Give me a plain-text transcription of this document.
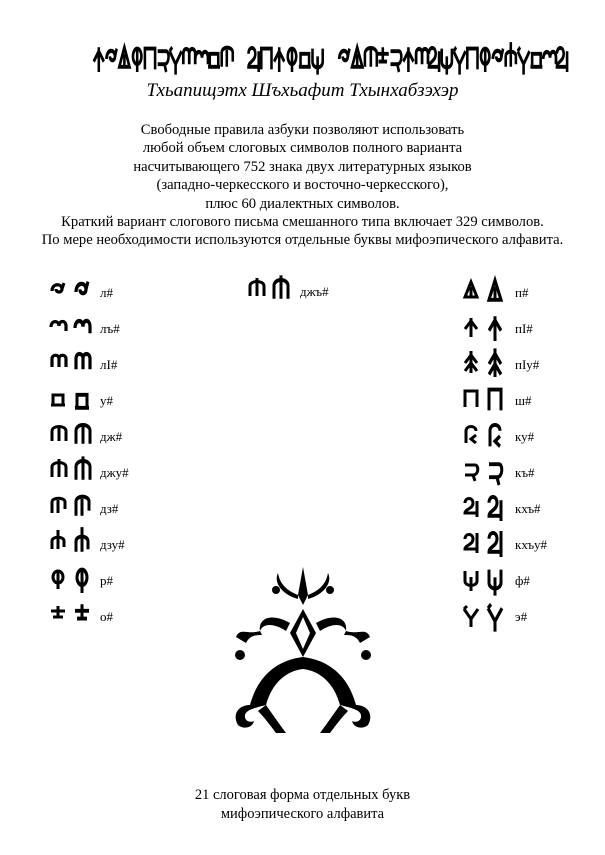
Тхьапищэтх Шъхьафит Тхынхабзэхэр
Свободные правила азбуки позволяют использовать
любой объем слоговых символов полного варианта
насчитывающего 752 знака двух литературных языков
(западно-черкесского и восточно-черкесского),
плюс 60 диалектных символов.
Краткий вариант слогового письма смешанного типа включает 329 символов.
По мере необходимости используются отдельные буквы мифоэпического алфавита.
л#
лъ#
лI#
у#
дж#
джу#
дз#
дзу#
р#
о#
джъ#	п#
пI#
пIу#
ш#
ку#
къ#
кхъ#
кхъу#
ф#
э#
21 слоговая форма отдельных букв
мифоэпического алфавита
